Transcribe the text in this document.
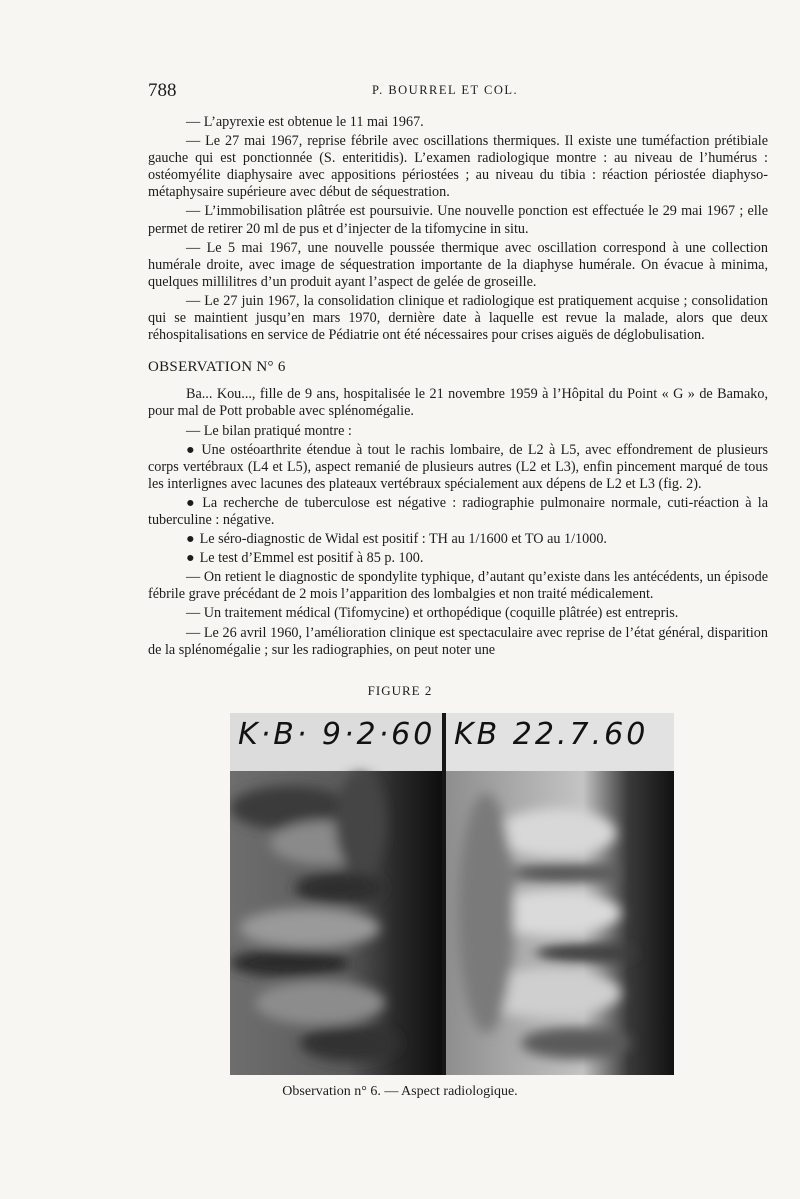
788	P. BOURREL ET COL.

— L’apyrexie est obtenue le 11 mai 1967.

— Le 27 mai 1967, reprise fébrile avec oscillations thermiques. Il existe une tuméfaction prétibiale gauche qui est ponctionnée (S. enteritidis). L’examen radiologique montre : au niveau de l’humérus : ostéomyélite diaphysaire avec appositions périostées ; au niveau du tibia : réaction périostée diaphyso-métaphysaire supérieure avec début de séquestration.

— L’immobilisation plâtrée est poursuivie. Une nouvelle ponction est effectuée le 29 mai 1967 ; elle permet de retirer 20 ml de pus et d’injecter de la tifomycine in situ.

— Le 5 mai 1967, une nouvelle poussée thermique avec oscillation correspond à une collection humérale droite, avec image de séquestration importante de la diaphyse humérale. On évacue à minima, quelques millilitres d’un produit ayant l’aspect de gelée de groseille.

— Le 27 juin 1967, la consolidation clinique et radiologique est pratiquement acquise ; consolidation qui se maintient jusqu’en mars 1970, dernière date à laquelle est revue la malade, alors que deux réhospitalisations en service de Pédiatrie ont été nécessaires pour crises aiguës de déglobulisation.

OBSERVATION N° 6

Ba... Kou..., fille de 9 ans, hospitalisée le 21 novembre 1959 à l’Hôpital du Point « G » de Bamako, pour mal de Pott probable avec splénomégalie.

— Le bilan pratiqué montre :

● Une ostéoarthrite étendue à tout le rachis lombaire, de L2 à L5, avec effondrement de plusieurs corps vertébraux (L4 et L5), aspect remanié de plusieurs autres (L2 et L3), enfin pincement marqué de tous les interlignes avec lacunes des plateaux vertébraux spécialement aux dépens de L2 et L3 (fig. 2).

● La recherche de tuberculose est négative : radiographie pulmonaire normale, cuti-réaction à la tuberculine : négative.

● Le séro-diagnostic de Widal est positif : TH au 1/1600 et TO au 1/1000.

● Le test d’Emmel est positif à 85 p. 100.

— On retient le diagnostic de spondylite typhique, d’autant qu’existe dans les antécédents, un épisode fébrile grave précédant de 2 mois l’apparition des lombalgies et non traité médicalement.

— Un traitement médical (Tifomycine) et orthopédique (coquille plâtrée) est entrepris.

— Le 26 avril 1960, l’amélioration clinique est spectaculaire avec reprise de l’état général, disparition de la splénomégalie ; sur les radiographies, on peut noter une

FIGURE 2
K·B· 9·2·60 KB 22.7.60
Observation n° 6. — Aspect radiologique.
